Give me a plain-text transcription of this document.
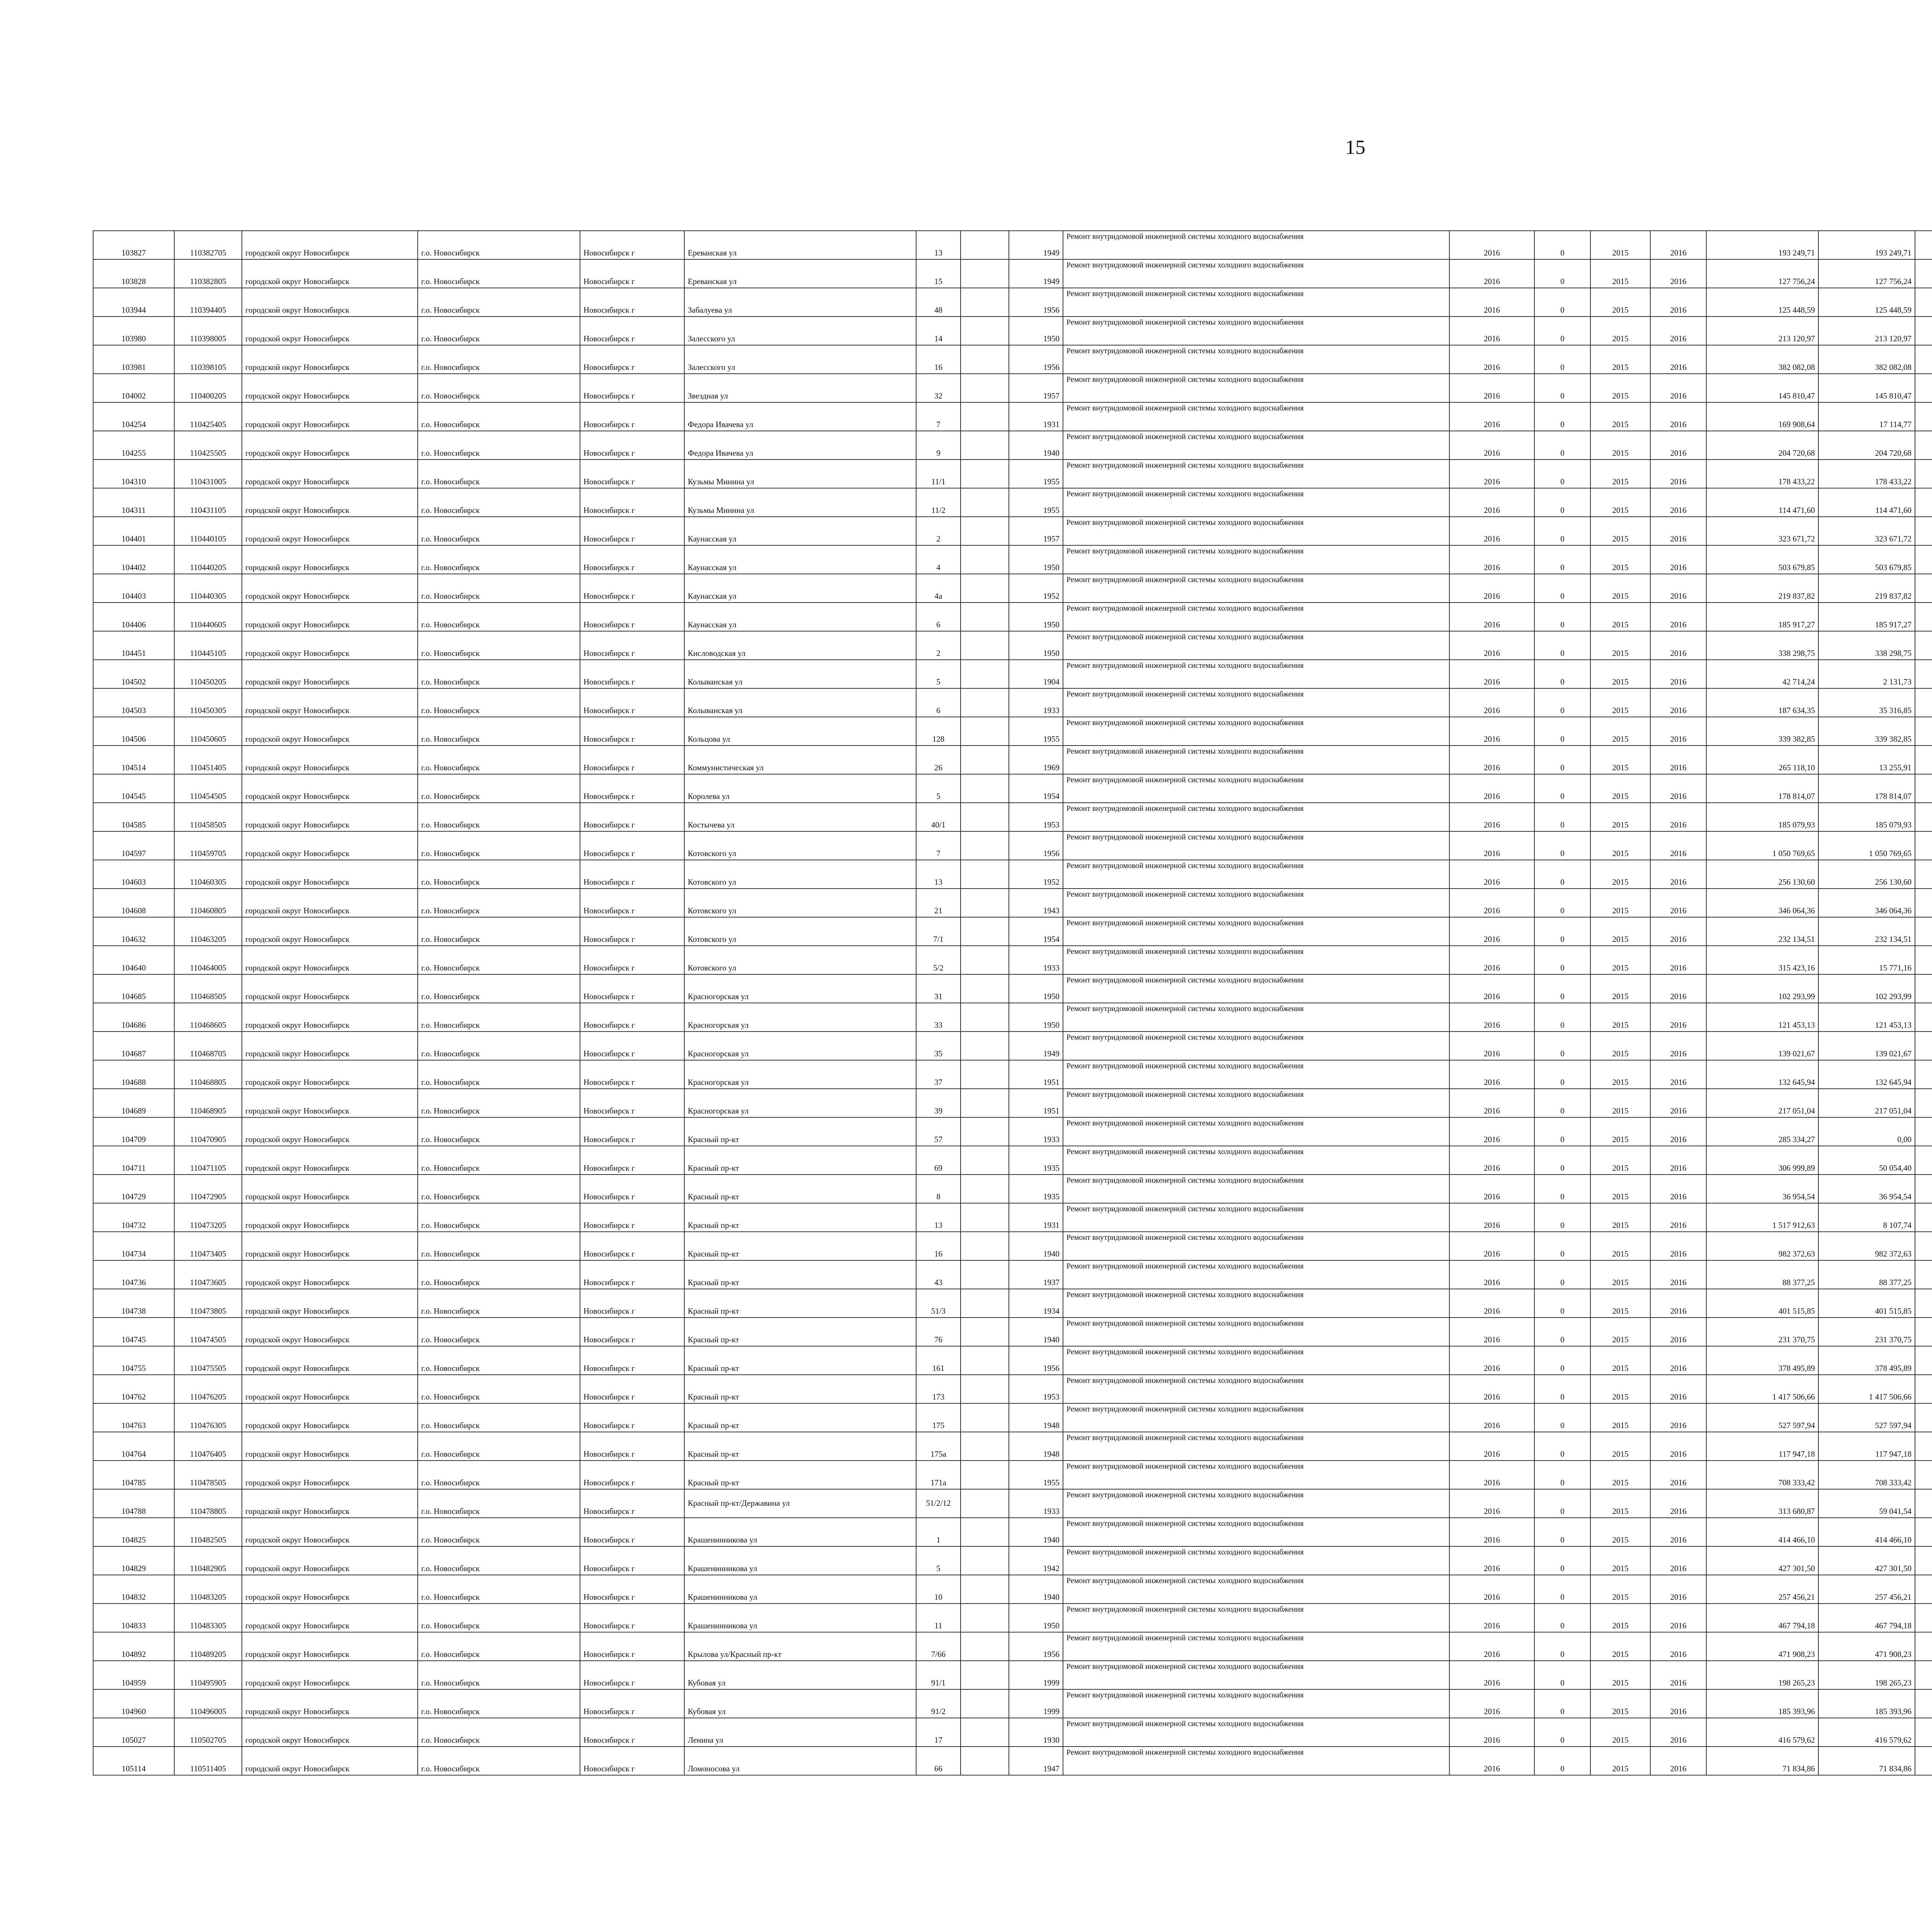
15
103827	110382705	городской округ Новосибирск	г.о. Новосибирск	Новосибирск г	Ереванская ул	13		1949	Ремонт внутридомовой инженерной системы холодного водоснабжения	2016	0	2015	2016	193 249,71	193 249,71						
103828	110382805	городской округ Новосибирск	г.о. Новосибирск	Новосибирск г	Ереванская ул	15		1949	Ремонт внутридомовой инженерной системы холодного водоснабжения	2016	0	2015	2016	127 756,24	127 756,24						
103944	110394405	городской округ Новосибирск	г.о. Новосибирск	Новосибирск г	Забалуева ул	48		1956	Ремонт внутридомовой инженерной системы холодного водоснабжения	2016	0	2015	2016	125 448,59	125 448,59						
103980	110398005	городской округ Новосибирск	г.о. Новосибирск	Новосибирск г	Залесского ул	14		1950	Ремонт внутридомовой инженерной системы холодного водоснабжения	2016	0	2015	2016	213 120,97	213 120,97						
103981	110398105	городской округ Новосибирск	г.о. Новосибирск	Новосибирск г	Залесского ул	16		1956	Ремонт внутридомовой инженерной системы холодного водоснабжения	2016	0	2015	2016	382 082,08	382 082,08						
104002	110400205	городской округ Новосибирск	г.о. Новосибирск	Новосибирск г	Звездная ул	32		1957	Ремонт внутридомовой инженерной системы холодного водоснабжения	2016	0	2015	2016	145 810,47	145 810,47						
104254	110425405	городской округ Новосибирск	г.о. Новосибирск	Новосибирск г	Федора Ивачева ул	7		1931	Ремонт внутридомовой инженерной системы холодного водоснабжения	2016	0	2015	2016	169 908,64	17 114,77						
104255	110425505	городской округ Новосибирск	г.о. Новосибирск	Новосибирск г	Федора Ивачева ул	9		1940	Ремонт внутридомовой инженерной системы холодного водоснабжения	2016	0	2015	2016	204 720,68	204 720,68						
104310	110431005	городской округ Новосибирск	г.о. Новосибирск	Новосибирск г	Кузьмы Минина ул	11/1		1955	Ремонт внутридомовой инженерной системы холодного водоснабжения	2016	0	2015	2016	178 433,22	178 433,22						
104311	110431105	городской округ Новосибирск	г.о. Новосибирск	Новосибирск г	Кузьмы Минина ул	11/2		1955	Ремонт внутридомовой инженерной системы холодного водоснабжения	2016	0	2015	2016	114 471,60	114 471,60						
104401	110440105	городской округ Новосибирск	г.о. Новосибирск	Новосибирск г	Каунасская ул	2		1957	Ремонт внутридомовой инженерной системы холодного водоснабжения	2016	0	2015	2016	323 671,72	323 671,72						
104402	110440205	городской округ Новосибирск	г.о. Новосибирск	Новосибирск г	Каунасская ул	4		1950	Ремонт внутридомовой инженерной системы холодного водоснабжения	2016	0	2015	2016	503 679,85	503 679,85						
104403	110440305	городской округ Новосибирск	г.о. Новосибирск	Новосибирск г	Каунасская ул	4а		1952	Ремонт внутридомовой инженерной системы холодного водоснабжения	2016	0	2015	2016	219 837,82	219 837,82						
104406	110440605	городской округ Новосибирск	г.о. Новосибирск	Новосибирск г	Каунасская ул	6		1950	Ремонт внутридомовой инженерной системы холодного водоснабжения	2016	0	2015	2016	185 917,27	185 917,27						
104451	110445105	городской округ Новосибирск	г.о. Новосибирск	Новосибирск г	Кисловодская ул	2		1950	Ремонт внутридомовой инженерной системы холодного водоснабжения	2016	0	2015	2016	338 298,75	338 298,75						
104502	110450205	городской округ Новосибирск	г.о. Новосибирск	Новосибирск г	Колыванская ул	5		1904	Ремонт внутридомовой инженерной системы холодного водоснабжения	2016	0	2015	2016	42 714,24	2 131,73						
104503	110450305	городской округ Новосибирск	г.о. Новосибирск	Новосибирск г	Колыванская ул	6		1933	Ремонт внутридомовой инженерной системы холодного водоснабжения	2016	0	2015	2016	187 634,35	35 316,85						
104506	110450605	городской округ Новосибирск	г.о. Новосибирск	Новосибирск г	Кольцова ул	128		1955	Ремонт внутридомовой инженерной системы холодного водоснабжения	2016	0	2015	2016	339 382,85	339 382,85						
104514	110451405	городской округ Новосибирск	г.о. Новосибирск	Новосибирск г	Коммунистическая ул	26		1969	Ремонт внутридомовой инженерной системы холодного водоснабжения	2016	0	2015	2016	265 118,10	13 255,91						
104545	110454505	городской округ Новосибирск	г.о. Новосибирск	Новосибирск г	Королева ул	5		1954	Ремонт внутридомовой инженерной системы холодного водоснабжения	2016	0	2015	2016	178 814,07	178 814,07						
104585	110458505	городской округ Новосибирск	г.о. Новосибирск	Новосибирск г	Костычева ул	40/1		1953	Ремонт внутридомовой инженерной системы холодного водоснабжения	2016	0	2015	2016	185 079,93	185 079,93						
104597	110459705	городской округ Новосибирск	г.о. Новосибирск	Новосибирск г	Котовского ул	7		1956	Ремонт внутридомовой инженерной системы холодного водоснабжения	2016	0	2015	2016	1 050 769,65	1 050 769,65						
104603	110460305	городской округ Новосибирск	г.о. Новосибирск	Новосибирск г	Котовского ул	13		1952	Ремонт внутридомовой инженерной системы холодного водоснабжения	2016	0	2015	2016	256 130,60	256 130,60						
104608	110460805	городской округ Новосибирск	г.о. Новосибирск	Новосибирск г	Котовского ул	21		1943	Ремонт внутридомовой инженерной системы холодного водоснабжения	2016	0	2015	2016	346 064,36	346 064,36						
104632	110463205	городской округ Новосибирск	г.о. Новосибирск	Новосибирск г	Котовского ул	7/1		1954	Ремонт внутридомовой инженерной системы холодного водоснабжения	2016	0	2015	2016	232 134,51	232 134,51						
104640	110464005	городской округ Новосибирск	г.о. Новосибирск	Новосибирск г	Котовского ул	5/2		1933	Ремонт внутридомовой инженерной системы холодного водоснабжения	2016	0	2015	2016	315 423,16	15 771,16						
104685	110468505	городской округ Новосибирск	г.о. Новосибирск	Новосибирск г	Красногорская ул	31		1950	Ремонт внутридомовой инженерной системы холодного водоснабжения	2016	0	2015	2016	102 293,99	102 293,99						
104686	110468605	городской округ Новосибирск	г.о. Новосибирск	Новосибирск г	Красногорская ул	33		1950	Ремонт внутридомовой инженерной системы холодного водоснабжения	2016	0	2015	2016	121 453,13	121 453,13						
104687	110468705	городской округ Новосибирск	г.о. Новосибирск	Новосибирск г	Красногорская ул	35		1949	Ремонт внутридомовой инженерной системы холодного водоснабжения	2016	0	2015	2016	139 021,67	139 021,67						
104688	110468805	городской округ Новосибирск	г.о. Новосибирск	Новосибирск г	Красногорская ул	37		1951	Ремонт внутридомовой инженерной системы холодного водоснабжения	2016	0	2015	2016	132 645,94	132 645,94						
104689	110468905	городской округ Новосибирск	г.о. Новосибирск	Новосибирск г	Красногорская ул	39		1951	Ремонт внутридомовой инженерной системы холодного водоснабжения	2016	0	2015	2016	217 051,04	217 051,04						
104709	110470905	городской округ Новосибирск	г.о. Новосибирск	Новосибирск г	Красный пр-кт	57		1933	Ремонт внутридомовой инженерной системы холодного водоснабжения	2016	0	2015	2016	285 334,27	0,00						
104711	110471105	городской округ Новосибирск	г.о. Новосибирск	Новосибирск г	Красный пр-кт	69		1935	Ремонт внутридомовой инженерной системы холодного водоснабжения	2016	0	2015	2016	306 999,89	50 054,40						
104729	110472905	городской округ Новосибирск	г.о. Новосибирск	Новосибирск г	Красный пр-кт	8		1935	Ремонт внутридомовой инженерной системы холодного водоснабжения	2016	0	2015	2016	36 954,54	36 954,54						
104732	110473205	городской округ Новосибирск	г.о. Новосибирск	Новосибирск г	Красный пр-кт	13		1931	Ремонт внутридомовой инженерной системы холодного водоснабжения	2016	0	2015	2016	1 517 912,63	8 107,74						
104734	110473405	городской округ Новосибирск	г.о. Новосибирск	Новосибирск г	Красный пр-кт	16		1940	Ремонт внутридомовой инженерной системы холодного водоснабжения	2016	0	2015	2016	982 372,63	982 372,63						
104736	110473605	городской округ Новосибирск	г.о. Новосибирск	Новосибирск г	Красный пр-кт	43		1937	Ремонт внутридомовой инженерной системы холодного водоснабжения	2016	0	2015	2016	88 377,25	88 377,25						
104738	110473805	городской округ Новосибирск	г.о. Новосибирск	Новосибирск г	Красный пр-кт	51/3		1934	Ремонт внутридомовой инженерной системы холодного водоснабжения	2016	0	2015	2016	401 515,85	401 515,85						
104745	110474505	городской округ Новосибирск	г.о. Новосибирск	Новосибирск г	Красный пр-кт	76		1940	Ремонт внутридомовой инженерной системы холодного водоснабжения	2016	0	2015	2016	231 370,75	231 370,75						
104755	110475505	городской округ Новосибирск	г.о. Новосибирск	Новосибирск г	Красный пр-кт	161		1956	Ремонт внутридомовой инженерной системы холодного водоснабжения	2016	0	2015	2016	378 495,89	378 495,89						
104762	110476205	городской округ Новосибирск	г.о. Новосибирск	Новосибирск г	Красный пр-кт	173		1953	Ремонт внутридомовой инженерной системы холодного водоснабжения	2016	0	2015	2016	1 417 506,66	1 417 506,66						
104763	110476305	городской округ Новосибирск	г.о. Новосибирск	Новосибирск г	Красный пр-кт	175		1948	Ремонт внутридомовой инженерной системы холодного водоснабжения	2016	0	2015	2016	527 597,94	527 597,94						
104764	110476405	городской округ Новосибирск	г.о. Новосибирск	Новосибирск г	Красный пр-кт	175а		1948	Ремонт внутридомовой инженерной системы холодного водоснабжения	2016	0	2015	2016	117 947,18	117 947,18						
104785	110478505	городской округ Новосибирск	г.о. Новосибирск	Новосибирск г	Красный пр-кт	171а		1955	Ремонт внутридомовой инженерной системы холодного водоснабжения	2016	0	2015	2016	708 333,42	708 333,42						
104788	110478805	городской округ Новосибирск	г.о. Новосибирск	Новосибирск г	Красный пр-кт/Державина ул	51/2/12		1933	Ремонт внутридомовой инженерной системы холодного водоснабжения	2016	0	2015	2016	313 680,87	59 041,54						
104825	110482505	городской округ Новосибирск	г.о. Новосибирск	Новосибирск г	Крашенинникова ул	1		1940	Ремонт внутридомовой инженерной системы холодного водоснабжения	2016	0	2015	2016	414 466,10	414 466,10						
104829	110482905	городской округ Новосибирск	г.о. Новосибирск	Новосибирск г	Крашенинникова ул	5		1942	Ремонт внутридомовой инженерной системы холодного водоснабжения	2016	0	2015	2016	427 301,50	427 301,50						
104832	110483205	городской округ Новосибирск	г.о. Новосибирск	Новосибирск г	Крашенинникова ул	10		1940	Ремонт внутридомовой инженерной системы холодного водоснабжения	2016	0	2015	2016	257 456,21	257 456,21						
104833	110483305	городской округ Новосибирск	г.о. Новосибирск	Новосибирск г	Крашенинникова ул	11		1950	Ремонт внутридомовой инженерной системы холодного водоснабжения	2016	0	2015	2016	467 794,18	467 794,18						
104892	110489205	городской округ Новосибирск	г.о. Новосибирск	Новосибирск г	Крылова ул/Красный пр-кт	7/66		1956	Ремонт внутридомовой инженерной системы холодного водоснабжения	2016	0	2015	2016	471 908,23	471 908,23						
104959	110495905	городской округ Новосибирск	г.о. Новосибирск	Новосибирск г	Кубовая ул	91/1		1999	Ремонт внутридомовой инженерной системы холодного водоснабжения	2016	0	2015	2016	198 265,23	198 265,23						
104960	110496005	городской округ Новосибирск	г.о. Новосибирск	Новосибирск г	Кубовая ул	91/2		1999	Ремонт внутридомовой инженерной системы холодного водоснабжения	2016	0	2015	2016	185 393,96	185 393,96						
105027	110502705	городской округ Новосибирск	г.о. Новосибирск	Новосибирск г	Ленина ул	17		1930	Ремонт внутридомовой инженерной системы холодного водоснабжения	2016	0	2015	2016	416 579,62	416 579,62						
105114	110511405	городской округ Новосибирск	г.о. Новосибирск	Новосибирск г	Ломоносова ул	66		1947	Ремонт внутридомовой инженерной системы холодного водоснабжения	2016	0	2015	2016	71 834,86	71 834,86						
